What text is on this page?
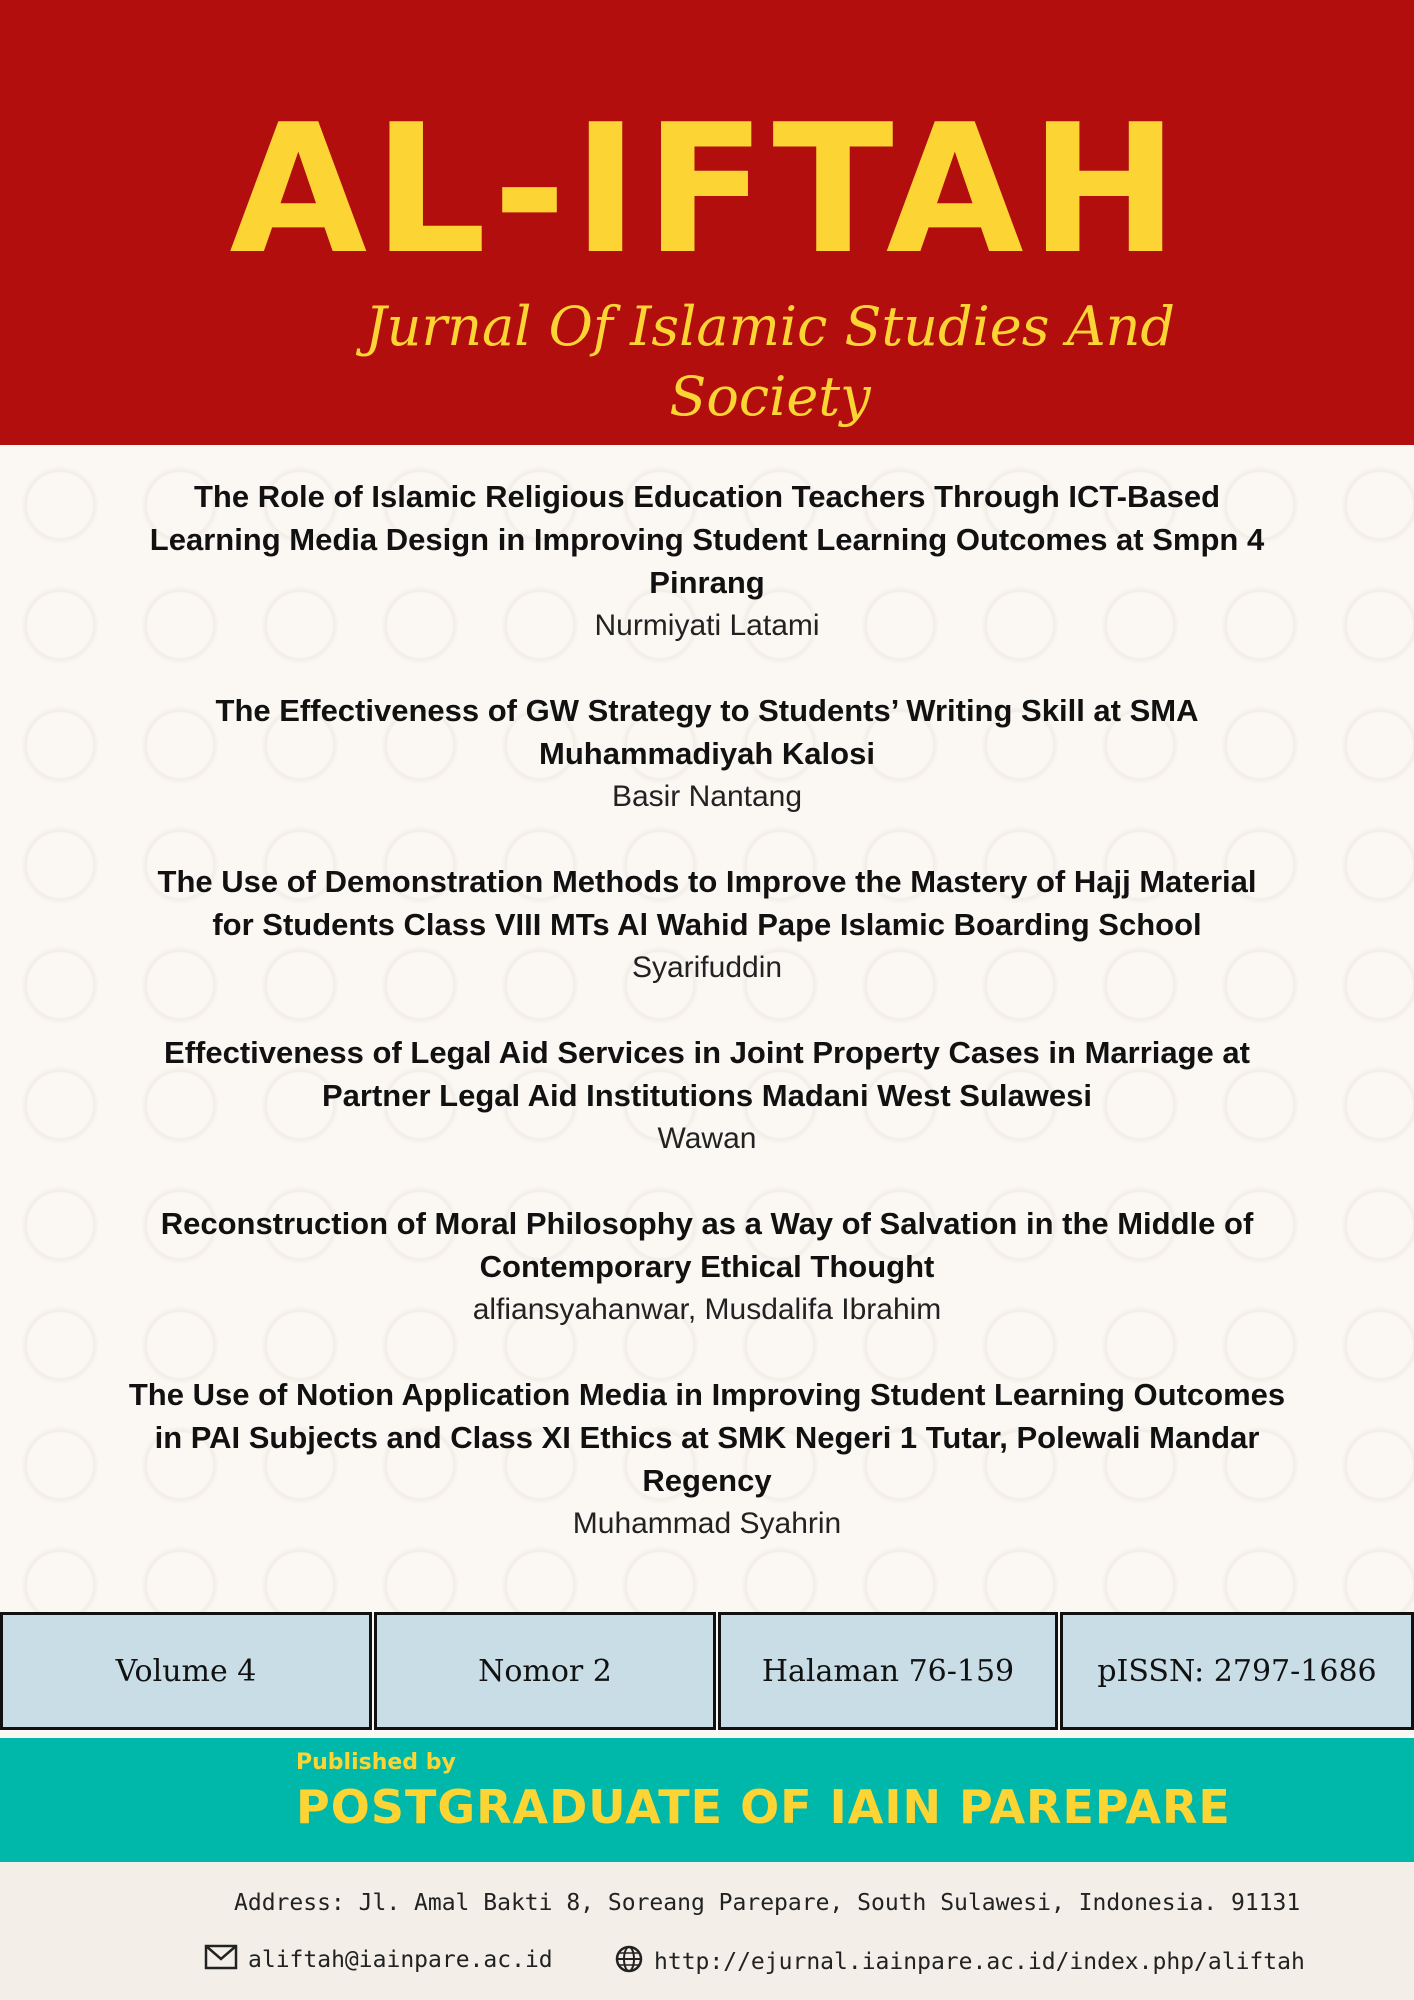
AL-IFTAH
Jurnal Of Islamic Studies And Society
The Role of Islamic Religious Education Teachers Through ICT-Based
Learning Media Design in Improving Student Learning Outcomes at Smpn 4
Pinrang
Nurmiyati Latami
The Effectiveness of GW Strategy to Students’ Writing Skill at SMA
Muhammadiyah Kalosi
Basir Nantang
The Use of Demonstration Methods to Improve the Mastery of Hajj Material
for Students Class VIII MTs Al Wahid Pape Islamic Boarding School
Syarifuddin
Effectiveness of Legal Aid Services in Joint Property Cases in Marriage at
Partner Legal Aid Institutions Madani West Sulawesi
Wawan
Reconstruction of Moral Philosophy as a Way of Salvation in the Middle of
Contemporary Ethical Thought
alfiansyahanwar, Musdalifa Ibrahim
The Use of Notion Application Media in Improving Student Learning Outcomes
in PAI Subjects and Class XI Ethics at SMK Negeri 1 Tutar, Polewali Mandar
Regency
Muhammad Syahrin
Volume 4	Nomor 2	Halaman 76-159	pISSN: 2797-1686
Published by
POSTGRADUATE OF IAIN PAREPARE
Address: Jl. Amal Bakti 8, Soreang Parepare, South Sulawesi, Indonesia. 91131
aliftah@iainpare.ac.id	http://ejurnal.iainpare.ac.id/index.php/aliftah
